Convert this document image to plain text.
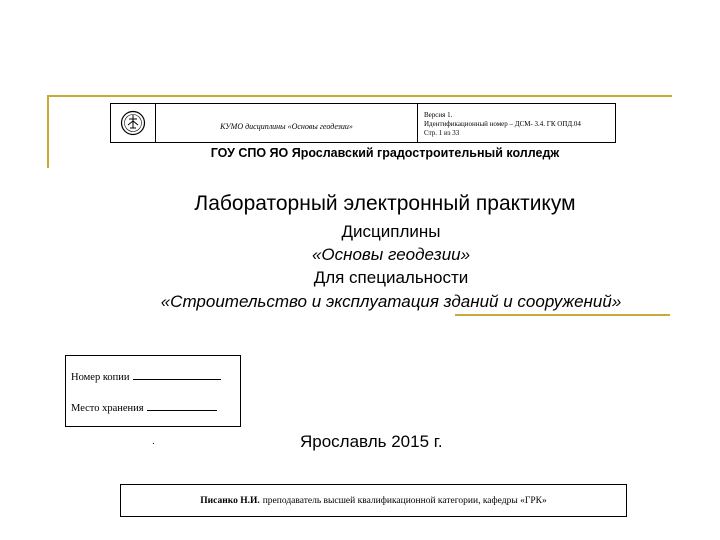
КУМО дисциплины «Основы геодезии»
Версия 1.
Идентификационный номер – ДСМ- 3.4. ГК ОПД.04
Стр. 1 из 33
ГОУ СПО ЯО Ярославский градостроительный колледж
Лабораторный электронный практикум
Дисциплины
«Основы геодезии»
Для специальности
«Строительство и эксплуатация зданий и сооружений»
Номер копии
Место хранения
.	Ярославль 2015 г.
Писанко Н.И. преподаватель высшей квалификационной категории, кафедры «ГРК»
